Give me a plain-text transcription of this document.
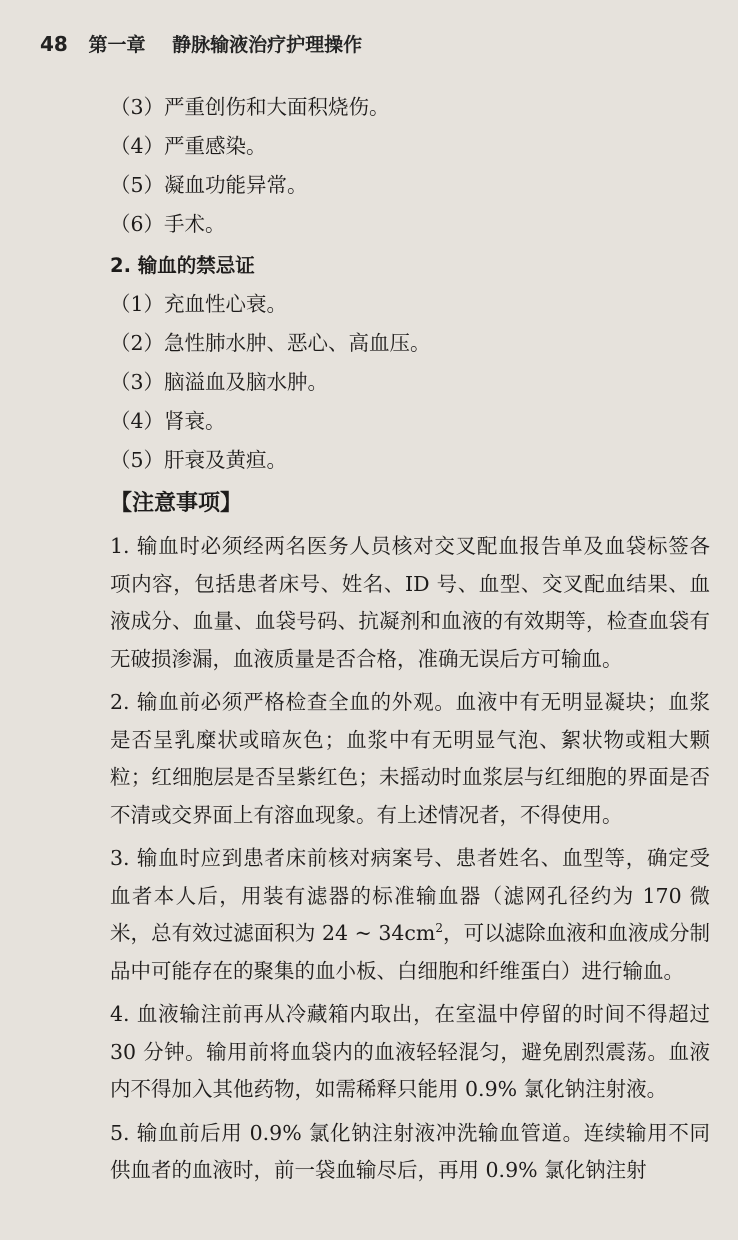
48 第一章 静脉输液治疗护理操作
（3）严重创伤和大面积烧伤。
（4）严重感染。
（5）凝血功能异常。
（6）手术。
2. 输血的禁忌证
（1）充血性心衰。
（2）急性肺水肿、恶心、高血压。
（3）脑溢血及脑水肿。
（4）肾衰。
（5）肝衰及黄疸。
【注意事项】
1. 输血时必须经两名医务人员核对交叉配血报告单及血袋标签各项内容，包括患者床号、姓名、ID 号、血型、交叉配血结果、血液成分、血量、血袋号码、抗凝剂和血液的有效期等，检查血袋有无破损渗漏，血液质量是否合格，准确无误后方可输血。
2. 输血前必须严格检查全血的外观。血液中有无明显凝块；血浆是否呈乳糜状或暗灰色；血浆中有无明显气泡、絮状物或粗大颗粒；红细胞层是否呈紫红色；未摇动时血浆层与红细胞的界面是否不清或交界面上有溶血现象。有上述情况者，不得使用。
3. 输血时应到患者床前核对病案号、患者姓名、血型等，确定受血者本人后，用装有滤器的标准输血器（滤网孔径约为 170 微米，总有效过滤面积为 24 ~ $34cm^2$，可以滤除血液和血液成分制品中可能存在的聚集的血小板、白细胞和纤维蛋白）进行输血。
4. 血液输注前再从冷藏箱内取出，在室温中停留的时间不得超过 30 分钟。输用前将血袋内的血液轻轻混匀，避免剧烈震荡。血液内不得加入其他药物，如需稀释只能用 0.9% 氯化钠注射液。
5. 输血前后用 0.9% 氯化钠注射液冲洗输血管道。连续输用不同供血者的血液时，前一袋血输尽后，再用 0.9% 氯化钠注射
